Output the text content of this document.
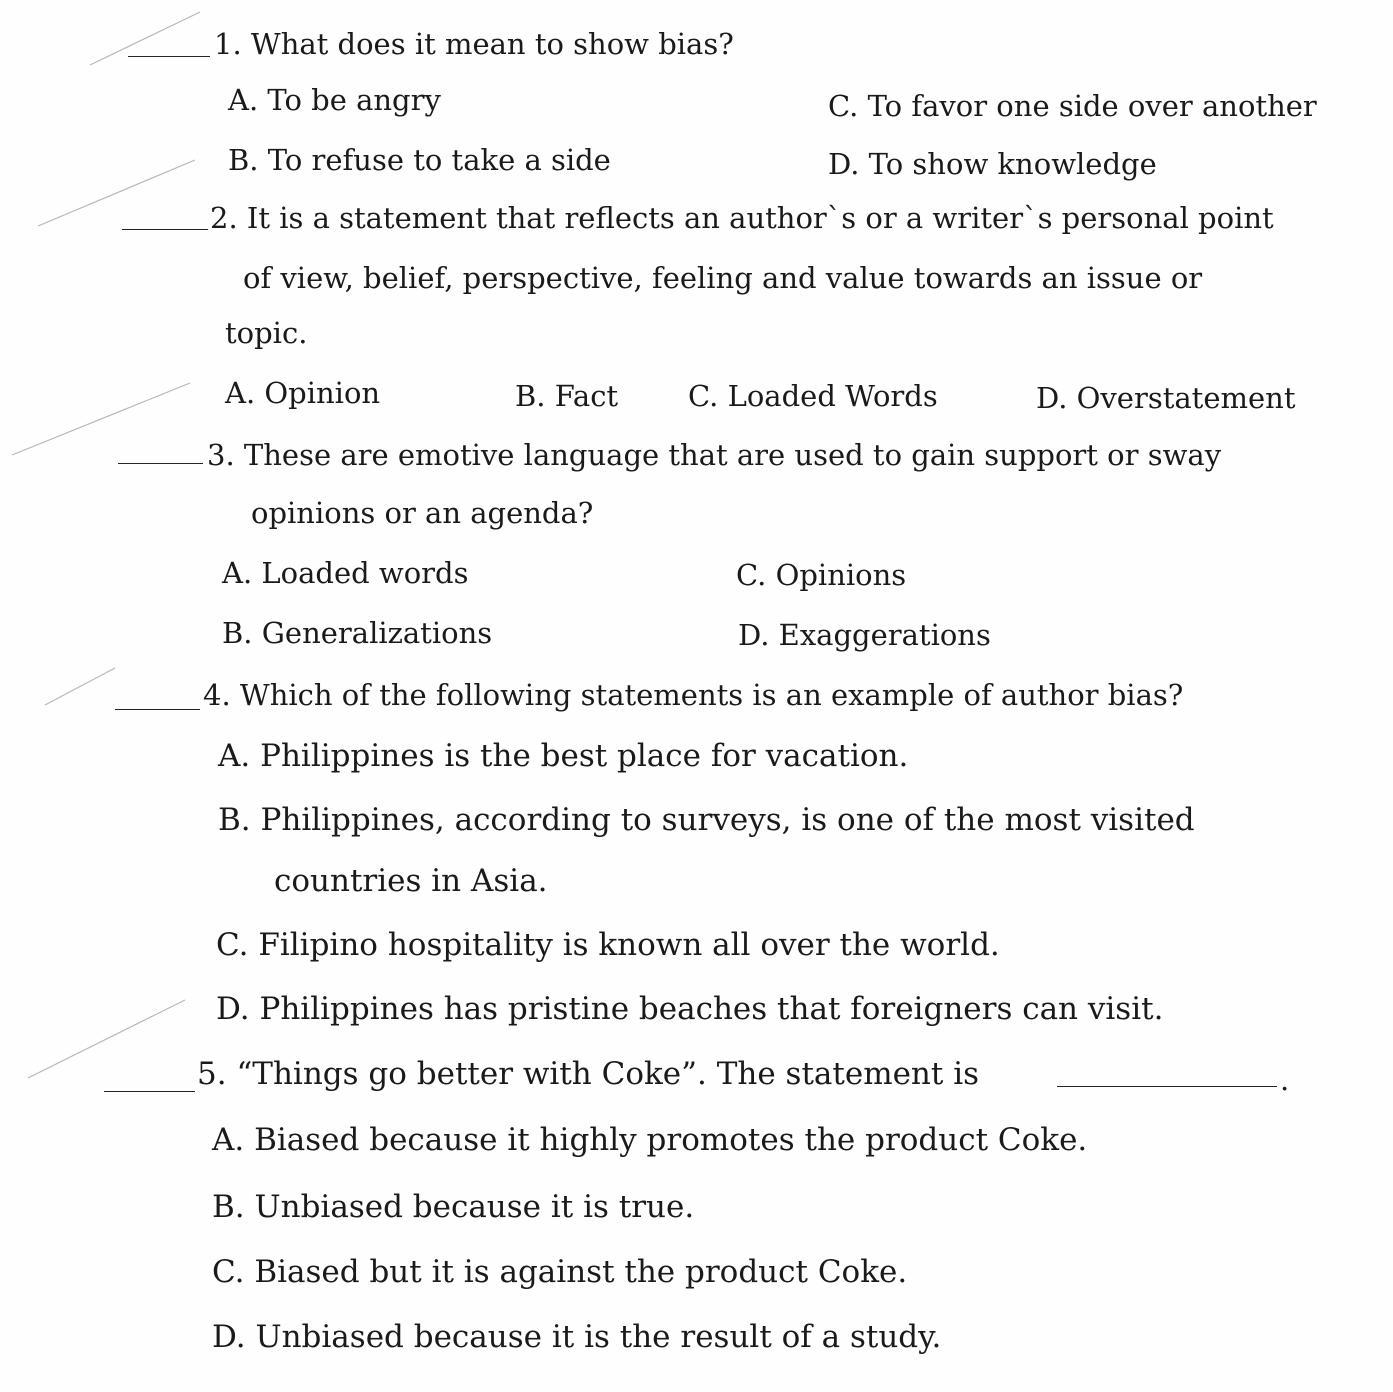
1. What does it mean to show bias?
A. To be angry	C. To favor one side over another
B. To refuse to take a side	D. To show knowledge
2. It is a statement that reflects an author`s or a writer`s personal point
of view, belief, perspective, feeling and value towards an issue or
topic.
A. Opinion	B. Fact C. Loaded Words	D. Overstatement
3. These are emotive language that are used to gain support or sway
opinions or an agenda?
A. Loaded words	C. Opinions
B. Generalizations	D. Exaggerations
4. Which of the following statements is an example of author bias?
A. Philippines is the best place for vacation.
B. Philippines, according to surveys, is one of the most visited
countries in Asia.
C. Filipino hospitality is known all over the world.
D. Philippines has pristine beaches that foreigners can visit.
5. “Things go better with Coke”. The statement is	.
A. Biased because it highly promotes the product Coke.
B. Unbiased because it is true.
C. Biased but it is against the product Coke.
D. Unbiased because it is the result of a study.
